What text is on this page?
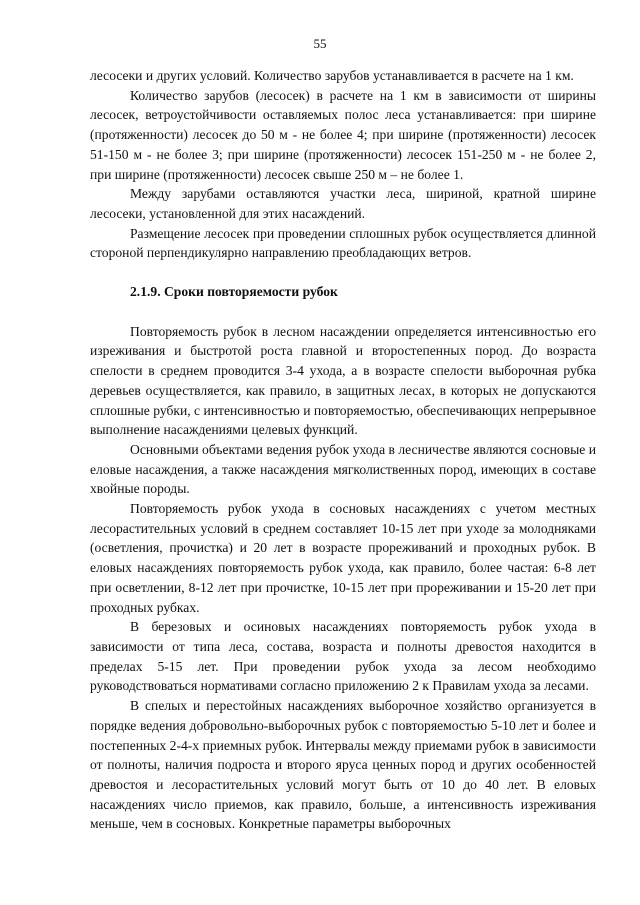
55

лесосеки и других условий. Количество зарубов устанавливается в расчете на 1 км.

Количество зарубов (лесосек) в расчете на 1 км в зависимости от ширины лесосек, ветроустойчивости оставляемых полос леса устанавливается: при ширине (протяженности) лесосек до 50 м - не более 4; при ширине (протяженности) лесосек 51-150 м - не более 3; при ширине (протяженности) лесосек 151-250 м - не более 2, при ширине (протяженности) лесосек свыше 250 м – не более 1.

Между зарубами оставляются участки леса, шириной, кратной ширине лесосеки, установленной для этих насаждений.

Размещение лесосек при проведении сплошных рубок осуществляется длинной стороной перпендикулярно направлению преобладающих ветров.

2.1.9. Сроки повторяемости рубок

Повторяемость рубок в лесном насаждении определяется интенсивностью его изреживания и быстротой роста главной и второстепенных пород. До возраста спелости в среднем проводится 3-4 ухода, а в возрасте спелости выборочная рубка деревьев осуществляется, как правило, в защитных лесах, в которых не допускаются сплошные рубки, с интенсивностью и повторяемостью, обеспечивающих непрерывное выполнение насаждениями целевых функций.

Основными объектами ведения рубок ухода в лесничестве являются сосновые и еловые насаждения, а также насаждения мягколиственных пород, имеющих в составе хвойные породы.

Повторяемость рубок ухода в сосновых насаждениях с учетом местных лесорастительных условий в среднем составляет 10-15 лет при уходе за молодняками (осветления, прочистка) и 20 лет в возрасте прореживаний и проходных рубок. В еловых насаждениях повторяемость рубок ухода, как правило, более частая: 6-8 лет при осветлении, 8-12 лет при прочистке, 10-15 лет при прореживании и 15-20 лет при проходных рубках.

В березовых и осиновых насаждениях повторяемость рубок ухода в зависимости от типа леса, состава, возраста и полноты древостоя находится в пределах 5-15 лет. При проведении рубок ухода за лесом необходимо руководствоваться нормативами согласно приложению 2 к Правилам ухода за лесами.

В спелых и перестойных насаждениях выборочное хозяйство организуется в порядке ведения добровольно-выборочных рубок с повторяемостью 5-10 лет и более и постепенных 2-4-х приемных рубок. Интервалы между приемами рубок в зависимости от полноты, наличия подроста и второго яруса ценных пород и других особенностей древостоя и лесорастительных условий могут быть от 10 до 40 лет. В еловых насаждениях число приемов, как правило, больше, а интенсивность изреживания меньше, чем в сосновых. Конкретные параметры выборочных
